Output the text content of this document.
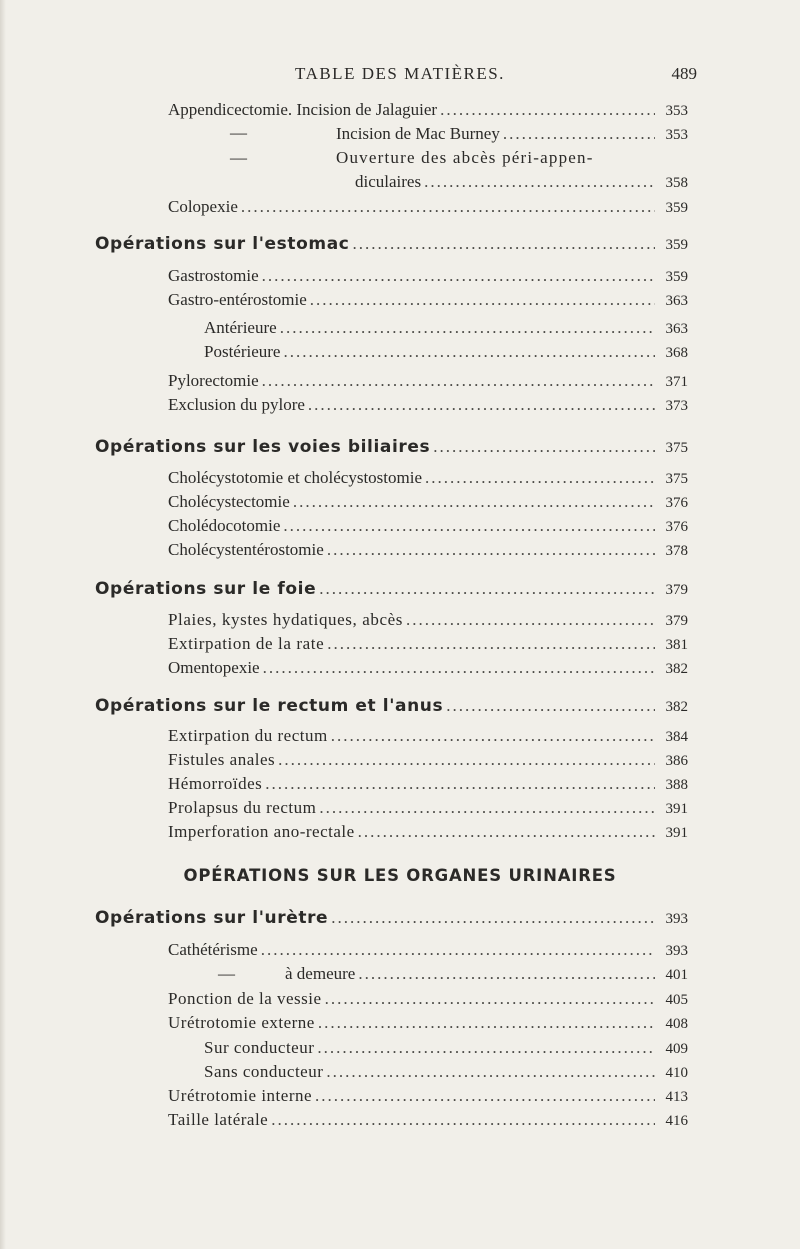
TABLE DES MATIÈRES.	489
Appendicectomie. Incision de Jalaguier .....	353
—	Incision de Mac Burney .....	353
—	Ouverture des abcès péri-appen-
diculaires .....	358
Colopexie .....	359
Opérations sur l'estomac .....	359
Gastrostomie .....	359
Gastro-entérostomie .....	363
Antérieure .....	363
Postérieure .....	368
Pylorectomie .....	371
Exclusion du pylore .....	373
Opérations sur les voies biliaires .....	375
Cholécystotomie et cholécystostomie .....	375
Cholécystectomie .....	376
Cholédocotomie .....	376
Cholécystentérostomie .....	378
Opérations sur le foie .....	379
Plaies, kystes hydatiques, abcès .....	379
Extirpation de la rate .....	381
Omentopexie .....	382
Opérations sur le rectum et l'anus .....	382
Extirpation du rectum .....	384
Fistules anales .....	386
Hémorroïdes .....	388
Prolapsus du rectum .....	391
Imperforation ano-rectale .....	391
OPÉRATIONS SUR LES ORGANES URINAIRES
Opérations sur l'urètre .....	393
Cathétérisme .....	393
—	à demeure .....	401
Ponction de la vessie .....	405
Urétrotomie externe .....	408
Sur conducteur .....	409
Sans conducteur .....	410
Urétrotomie interne .....	413
Taille latérale .....	416
